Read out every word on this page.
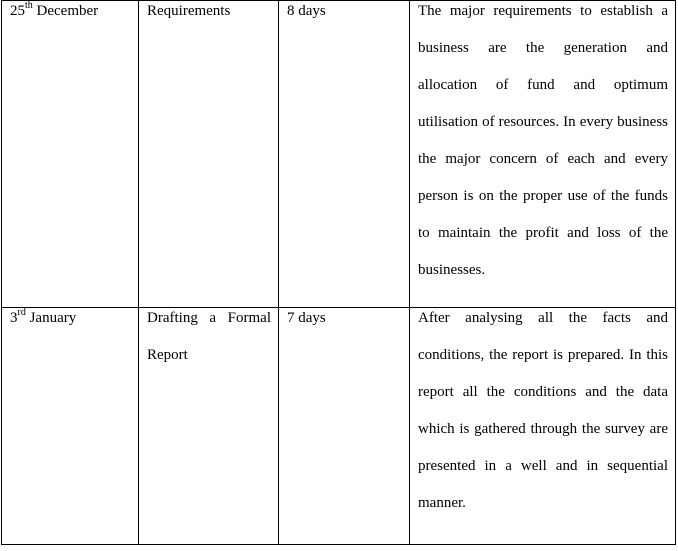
25th December	Requirements	8 days	The major requirements to establish a business are the generation and allocation of fund and optimum utilisation of resources. In every business the major concern of each and every person is on the proper use of the funds to maintain the profit and loss of the businesses.

3rd January	Drafting a Formal Report	7 days	After analysing all the facts and conditions, the report is prepared. In this report all the conditions and the data which is gathered through the survey are presented in a well and in sequential manner.
